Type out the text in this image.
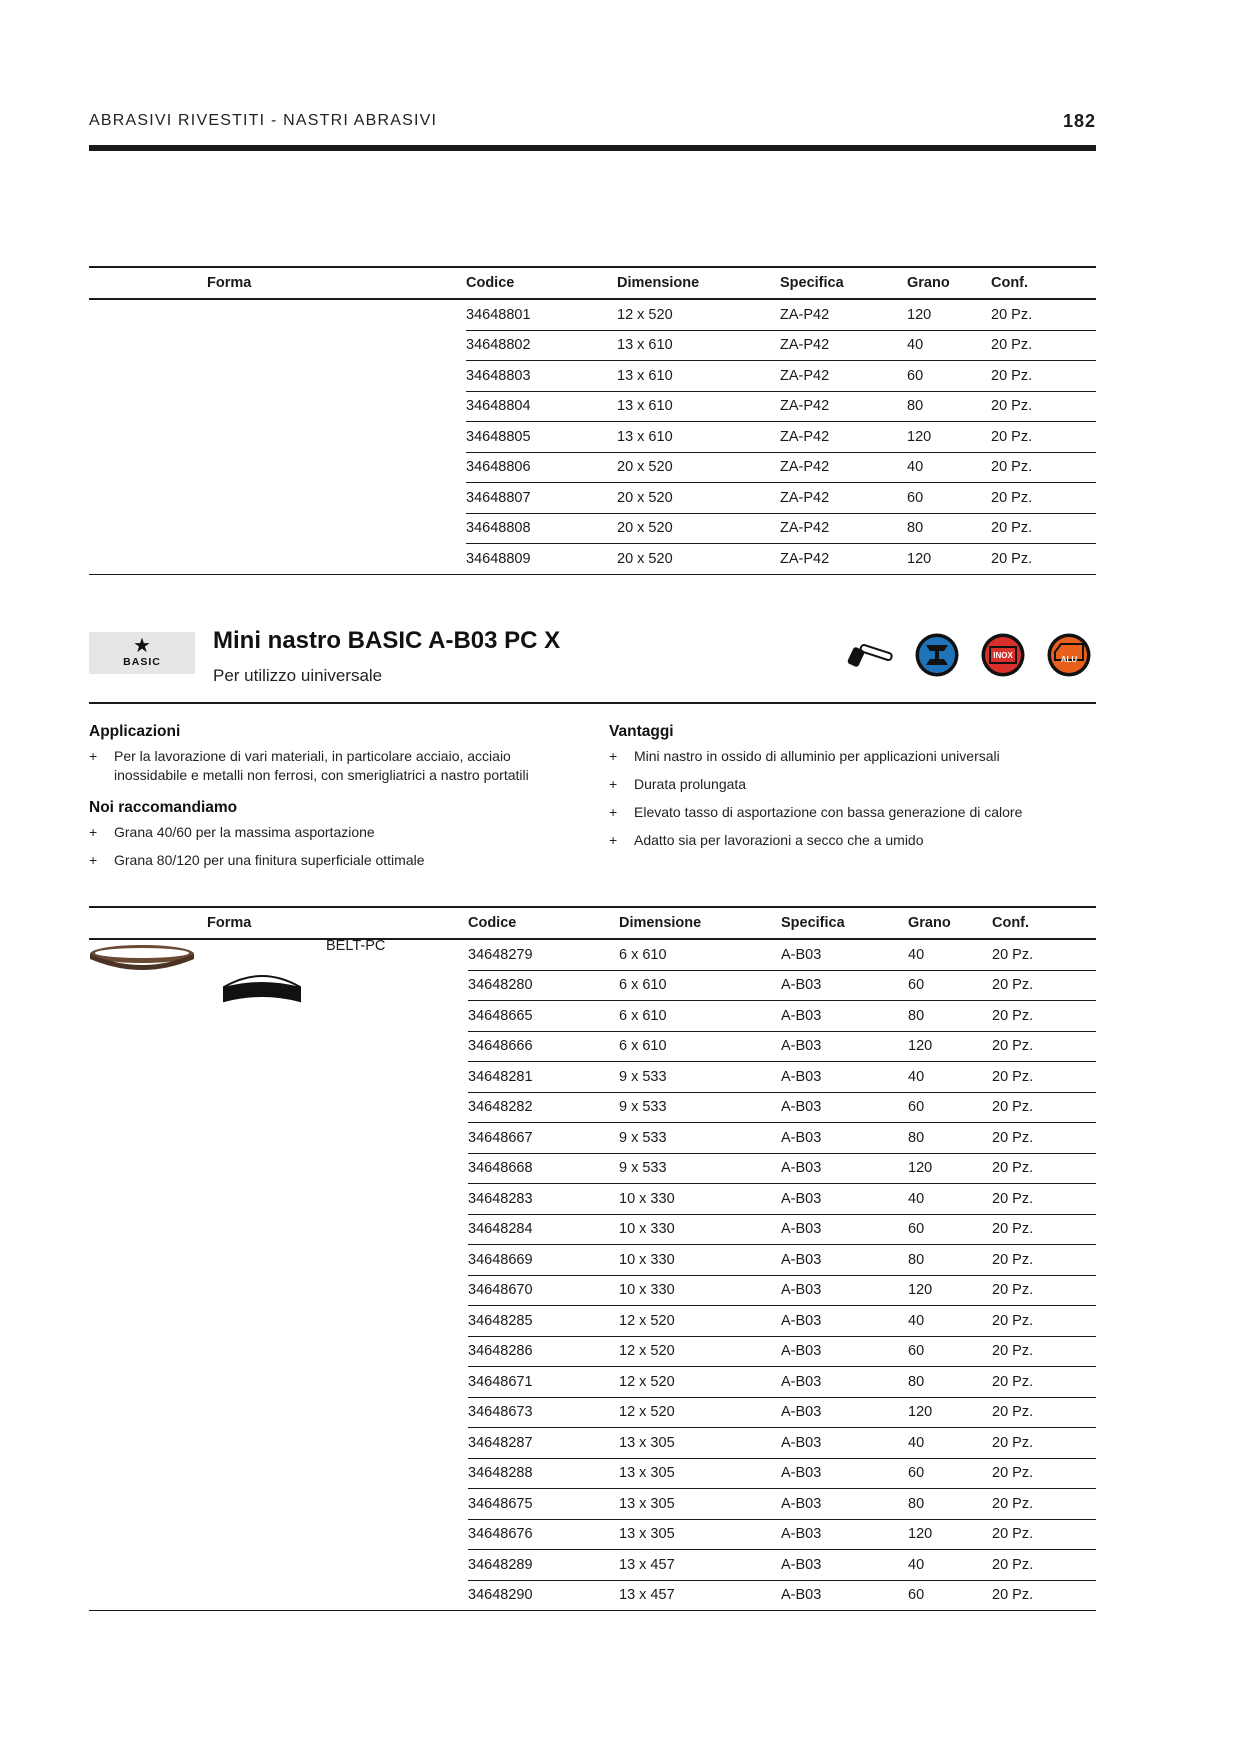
ABRASIVI RIVESTITI - NASTRI ABRASIVI	182
Forma	Codice	Dimensione	Specifica	Grano	Conf.
	34648801	12 x 520	ZA-P42	120	20 Pz.
	34648802	13 x 610	ZA-P42	40	20 Pz.
	34648803	13 x 610	ZA-P42	60	20 Pz.
	34648804	13 x 610	ZA-P42	80	20 Pz.
	34648805	13 x 610	ZA-P42	120	20 Pz.
	34648806	20 x 520	ZA-P42	40	20 Pz.
	34648807	20 x 520	ZA-P42	60	20 Pz.
	34648808	20 x 520	ZA-P42	80	20 Pz.
	34648809	20 x 520	ZA-P42	120	20 Pz.
★
BASIC
Mini nastro BASIC A-B03 PC X
Per utilizzo uiniversale
INOX	ALU
Applicazioni
+ Per la lavorazione di vari materiali, in particolare acciaio, acciaio inossidabile e metalli non ferrosi, con smerigliatrici a nastro portatili
Noi raccomandiamo
+ Grana 40/60 per la massima asportazione
+ Grana 80/120 per una finitura superficiale ottimale
Vantaggi
+ Mini nastro in ossido di alluminio per applicazioni universali
+ Durata prolungata
+ Elevato tasso di asportazione con bassa generazione di calore
+ Adatto sia per lavorazioni a secco che a umido
Forma	Codice	Dimensione	Specifica	Grano	Conf.
	34648279	6 x 610	A-B03	40	20 Pz.
	34648280	6 x 610	A-B03	60	20 Pz.
	34648665	6 x 610	A-B03	80	20 Pz.
	34648666	6 x 610	A-B03	120	20 Pz.
	34648281	9 x 533	A-B03	40	20 Pz.
	34648282	9 x 533	A-B03	60	20 Pz.
	34648667	9 x 533	A-B03	80	20 Pz.
	34648668	9 x 533	A-B03	120	20 Pz.
	34648283	10 x 330	A-B03	40	20 Pz.
	34648284	10 x 330	A-B03	60	20 Pz.
	34648669	10 x 330	A-B03	80	20 Pz.
	34648670	10 x 330	A-B03	120	20 Pz.
	34648285	12 x 520	A-B03	40	20 Pz.
	34648286	12 x 520	A-B03	60	20 Pz.
	34648671	12 x 520	A-B03	80	20 Pz.
	34648673	12 x 520	A-B03	120	20 Pz.
	34648287	13 x 305	A-B03	40	20 Pz.
	34648288	13 x 305	A-B03	60	20 Pz.
	34648675	13 x 305	A-B03	80	20 Pz.
	34648676	13 x 305	A-B03	120	20 Pz.
	34648289	13 x 457	A-B03	40	20 Pz.
	34648290	13 x 457	A-B03	60	20 Pz.
BELT-PC
